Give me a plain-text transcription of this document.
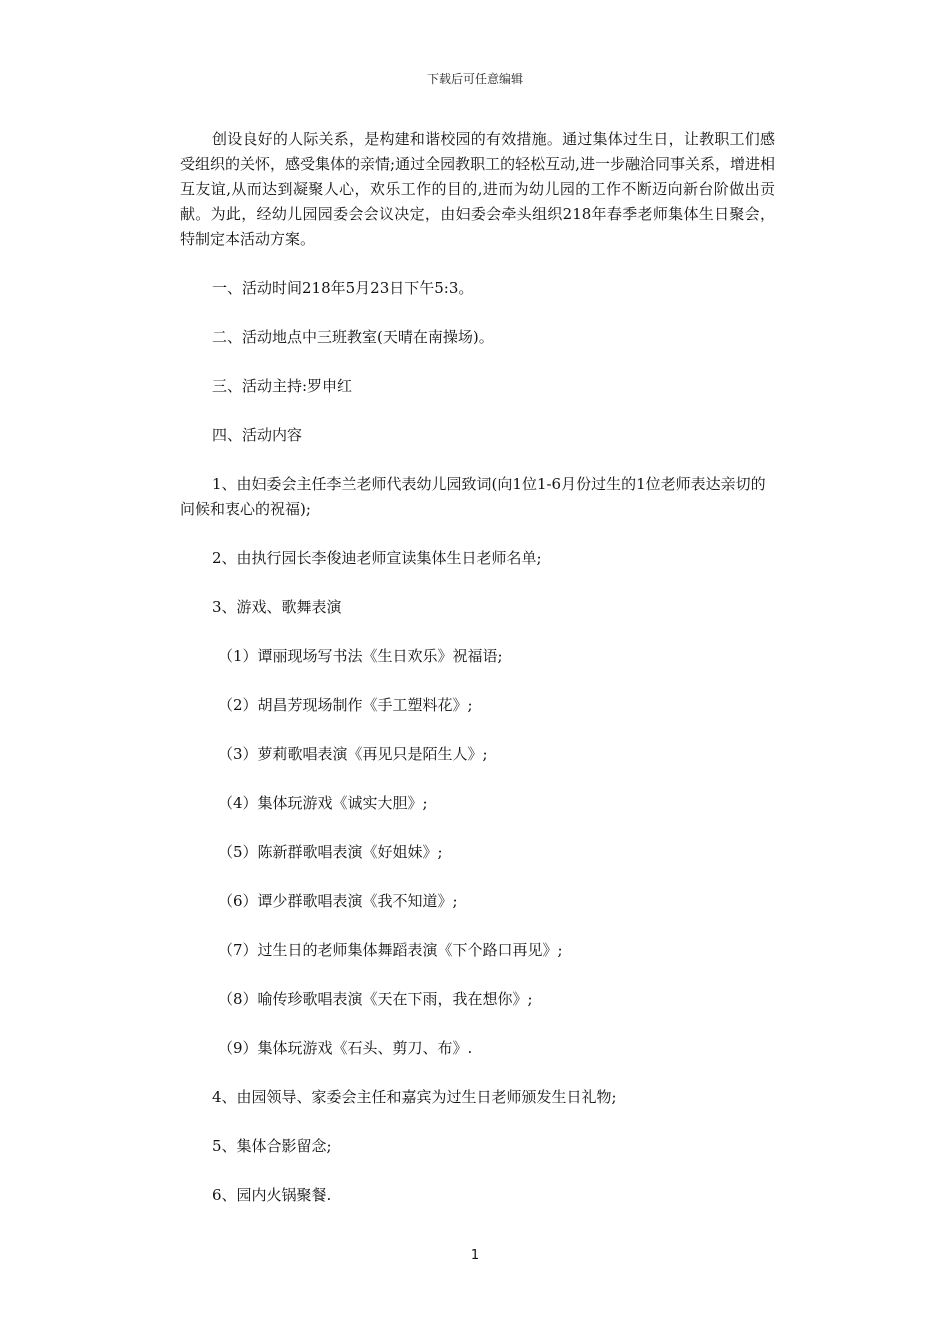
下载后可任意编辑

创设良好的人际关系，是构建和谐校园的有效措施。通过集体过生日，让教职工们感受组织的关怀，感受集体的亲情;通过全园教职工的轻松互动,进一步融洽同事关系，增进相互友谊,从而达到凝聚人心，欢乐工作的目的,进而为幼儿园的工作不断迈向新台阶做出贡献。为此，经幼儿园园委会会议决定，由妇委会牵头组织218年春季老师集体生日聚会，特制定本活动方案。

一、活动时间218年5月23日下午5:3。

二、活动地点中三班教室(天晴在南操场)。

三、活动主持:罗申红

四、活动内容

1、由妇委会主任李兰老师代表幼儿园致词(向1位1-6月份过生的1位老师表达亲切的问候和衷心的祝福);

2、由执行园长李俊迪老师宣读集体生日老师名单;

3、游戏、歌舞表演

（1）谭丽现场写书法《生日欢乐》祝福语;

（2）胡昌芳现场制作《手工塑料花》;

（3）萝莉歌唱表演《再见只是陌生人》;

（4）集体玩游戏《诚实大胆》;

（5）陈新群歌唱表演《好姐妹》;

（6）谭少群歌唱表演《我不知道》;

（7）过生日的老师集体舞蹈表演《下个路口再见》;

（8）喻传珍歌唱表演《天在下雨，我在想你》;

（9）集体玩游戏《石头、剪刀、布》.

4、由园领导、家委会主任和嘉宾为过生日老师颁发生日礼物;

5、集体合影留念;

6、园内火锅聚餐.

1
